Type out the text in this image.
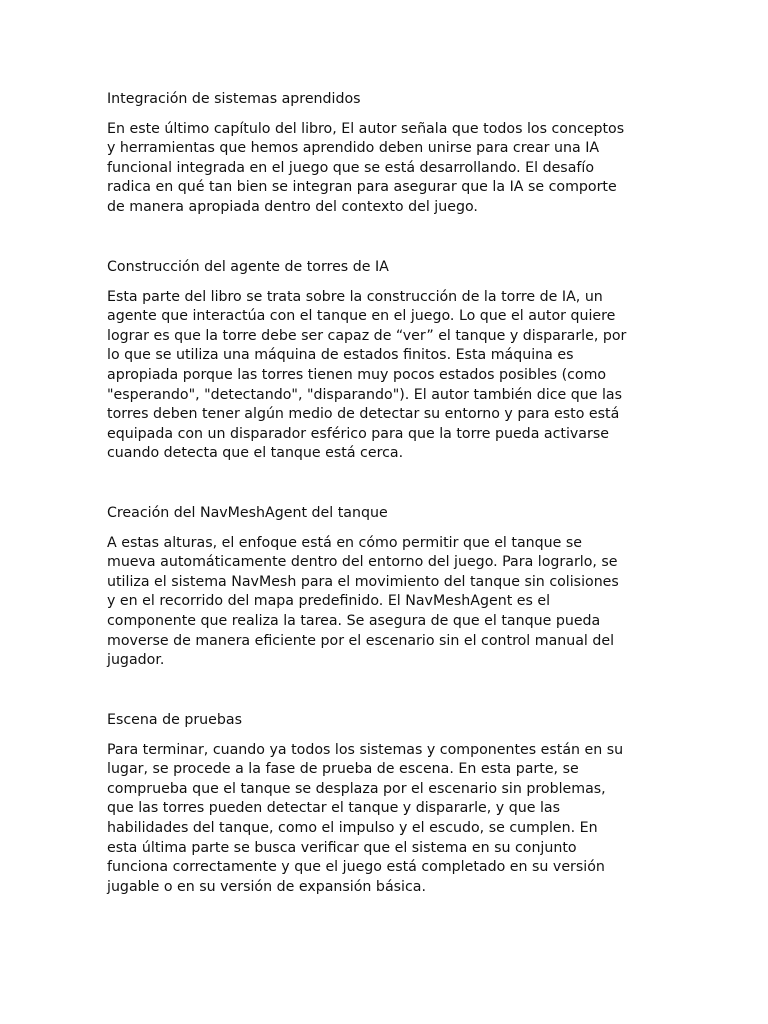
Integración de sistemas aprendidos

En este último capítulo del libro, El autor señala que todos los conceptos
y herramientas que hemos aprendido deben unirse para crear una IA
funcional integrada en el juego que se está desarrollando. El desafío
radica en qué tan bien se integran para asegurar que la IA se comporte
de manera apropiada dentro del contexto del juego.

Construcción del agente de torres de IA

Esta parte del libro se trata sobre la construcción de la torre de IA, un
agente que interactúa con el tanque en el juego. Lo que el autor quiere
lograr es que la torre debe ser capaz de “ver” el tanque y dispararle, por
lo que se utiliza una máquina de estados finitos. Esta máquina es
apropiada porque las torres tienen muy pocos estados posibles (como
"esperando", "detectando", "disparando"). El autor también dice que las
torres deben tener algún medio de detectar su entorno y para esto está
equipada con un disparador esférico para que la torre pueda activarse
cuando detecta que el tanque está cerca.

Creación del NavMeshAgent del tanque

A estas alturas, el enfoque está en cómo permitir que el tanque se
mueva automáticamente dentro del entorno del juego. Para lograrlo, se
utiliza el sistema NavMesh para el movimiento del tanque sin colisiones
y en el recorrido del mapa predefinido. El NavMeshAgent es el
componente que realiza la tarea. Se asegura de que el tanque pueda
moverse de manera eficiente por el escenario sin el control manual del
jugador.

Escena de pruebas

Para terminar, cuando ya todos los sistemas y componentes están en su
lugar, se procede a la fase de prueba de escena. En esta parte, se
comprueba que el tanque se desplaza por el escenario sin problemas,
que las torres pueden detectar el tanque y dispararle, y que las
habilidades del tanque, como el impulso y el escudo, se cumplen. En
esta última parte se busca verificar que el sistema en su conjunto
funciona correctamente y que el juego está completado en su versión
jugable o en su versión de expansión básica.
